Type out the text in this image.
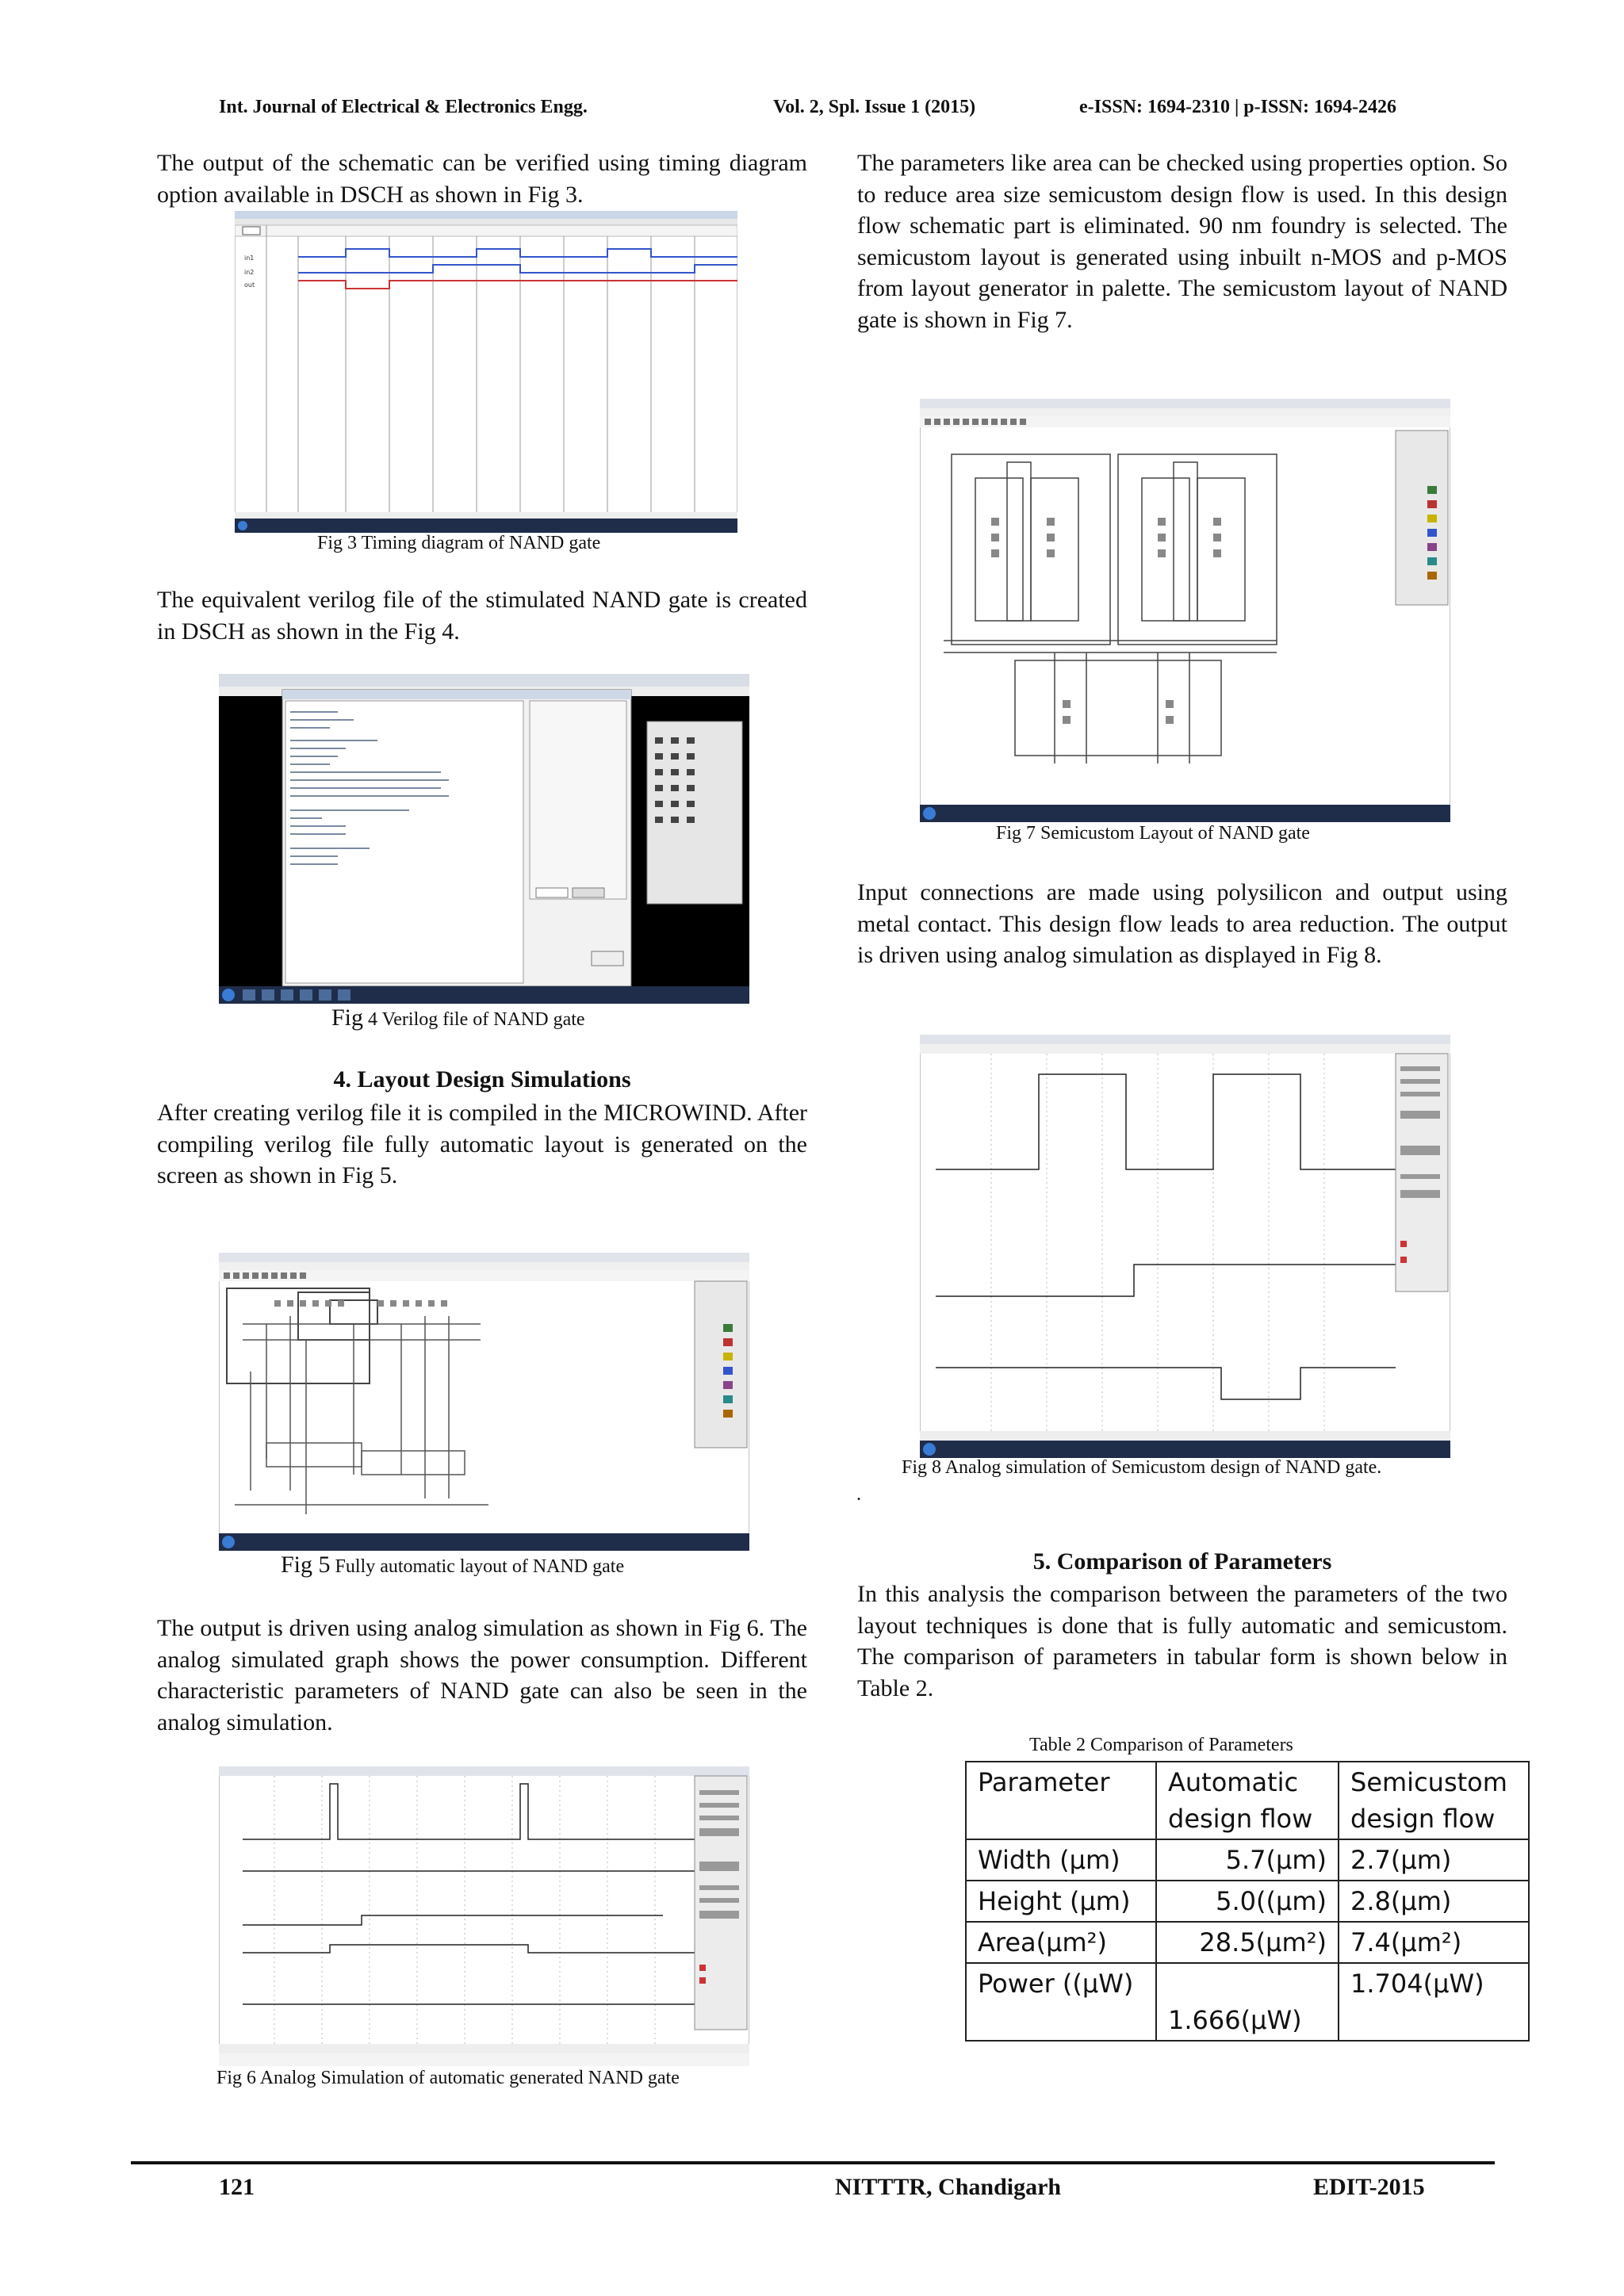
Int. Journal of Electrical & Electronics Engg.	Vol. 2, Spl. Issue 1 (2015)	e-ISSN: 1694-2310 | p-ISSN: 1694-2426

The output of the schematic can be verified using timing diagram option available in DSCH as shown in Fig 3.

in1
in2
out
Fig 3 Timing diagram of NAND gate

The equivalent verilog file of the stimulated NAND gate is created in DSCH as shown in the Fig 4.

Fig 4 Verilog file of NAND gate
4. Layout Design Simulations

After creating verilog file it is compiled in the MICROWIND. After compiling verilog file fully automatic layout is generated on the screen as shown in Fig 5.

Fig 5 Fully automatic layout of NAND gate

The output is driven using analog simulation as shown in Fig 6. The analog simulated graph shows the power consumption. Different characteristic parameters of NAND gate can also be seen in the analog simulation.

Fig 6 Analog Simulation of automatic generated NAND gate

The parameters like area can be checked using properties option. So to reduce area size semicustom design flow is used. In this design flow schematic part is eliminated. 90 nm foundry is selected. The semicustom layout is generated using inbuilt n-MOS and p-MOS from layout generator in palette. The semicustom layout of NAND gate is shown in Fig 7.

Fig 7 Semicustom Layout of NAND gate

Input connections are made using polysilicon and output using metal contact. This design flow leads to area reduction. The output is driven using analog simulation as displayed in Fig 8.

Fig 8 Analog simulation of Semicustom design of NAND gate.
.
5. Comparison of Parameters

In this analysis the comparison between the parameters of the two layout techniques is done that is fully automatic and semicustom. The comparison of parameters in tabular form is shown below in Table 2.

Table 2 Comparison of Parameters
Parameter	Automatic design flow	Semicustom design flow
Width (µm)	5.7(µm)	2.7(µm)
Height (µm)	5.0((µm)	2.8(µm)
Area(µm²)	28.5(µm²)	7.4(µm²)
Power ((µW)	1.666(µW)	1.704(µW)
121	NITTTR, Chandigarh	EDIT-2015
